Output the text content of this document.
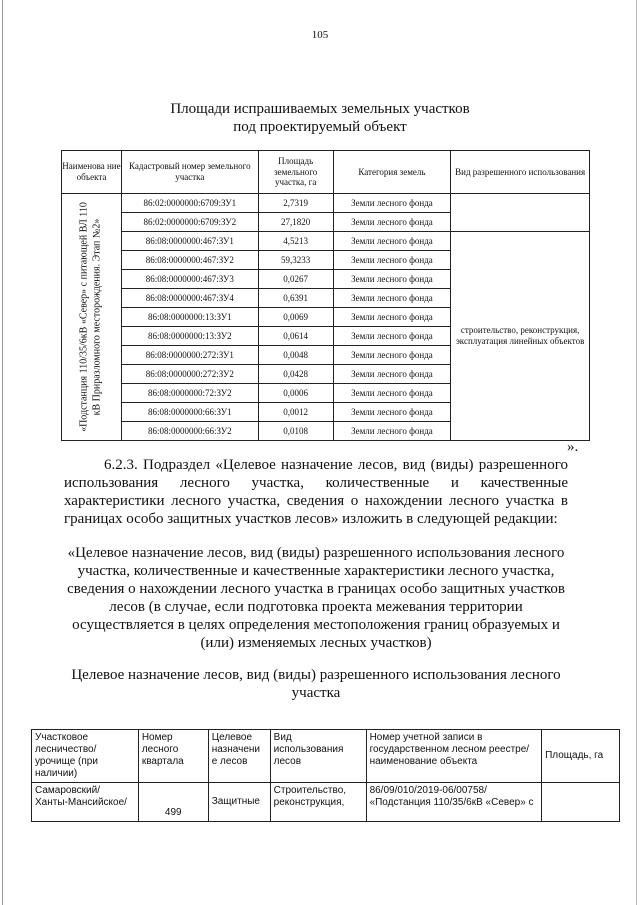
105
Площади испрашиваемых земельных участков
под проектируемый объект
Наименова ние объекта	Кадастровый номер земельного участка	Площадь земельного участка, га	Категория земель	Вид разрешенного использования

«Подстанция 110/35/6кВ «Север» с питающей ВЛ 110 кВ Приразломного месторождения. Этап №2»	86:02:0000000:6709:ЗУ1	2,7319	Земли лесного фонда	
	86:02:0000000:6709:ЗУ2	27,1820	Земли лесного фонда	
	86:08:0000000:467:ЗУ1	4,5213	Земли лесного фонда	строительство, реконструкция, эксплуатация линейных объектов
	86:08:0000000:467:ЗУ2	59,3233	Земли лесного фонда	
	86:08:0000000:467:ЗУ3	0,0267	Земли лесного фонда	
	86:08:0000000:467:ЗУ4	0,6391	Земли лесного фонда	
	86:08:0000000:13:ЗУ1	0,0069	Земли лесного фонда	
	86:08:0000000:13:ЗУ2	0,0614	Земли лесного фонда	
	86:08:0000000:272:ЗУ1	0,0048	Земли лесного фонда	
	86:08:0000000:272:ЗУ2	0,0428	Земли лесного фонда	
	86:08:0000000:72:ЗУ2	0,0006	Земли лесного фонда	
	86:08:0000000:66:ЗУ1	0,0012	Земли лесного фонда	
	86:08:0000000:66:ЗУ2	0,0108	Земли лесного фонда	
».
6.2.3. Подраздел «Целевое назначение лесов, вид (виды) разрешенного использования лесного участка, количественные и качественные характеристики лесного участка, сведения о нахождении лесного участка в границах особо защитных участков лесов» изложить в следующей редакции:
«Целевое назначение лесов, вид (виды) разрешенного использования лесного участка, количественные и качественные характеристики лесного участка, сведения о нахождении лесного участка в границах особо защитных участков лесов (в случае, если подготовка проекта межевания территории осуществляется в целях определения местоположения границ образуемых и (или) изменяемых лесных участков)
Целевое назначение лесов, вид (виды) разрешенного использования лесного участка
Участковое лесничество/ урочище (при наличии)	Номер лесного квартала	Целевое назначени е лесов	Вид использования лесов	Номер учетной записи в государственном лесном реестре/ наименование объекта	Площадь, га
Самаровский/ Ханты-Мансийское/	499	Защитные	Строительство, реконструкция,	86/09/010/2019-06/00758/ «Подстанция 110/35/6кВ «Север» с	
